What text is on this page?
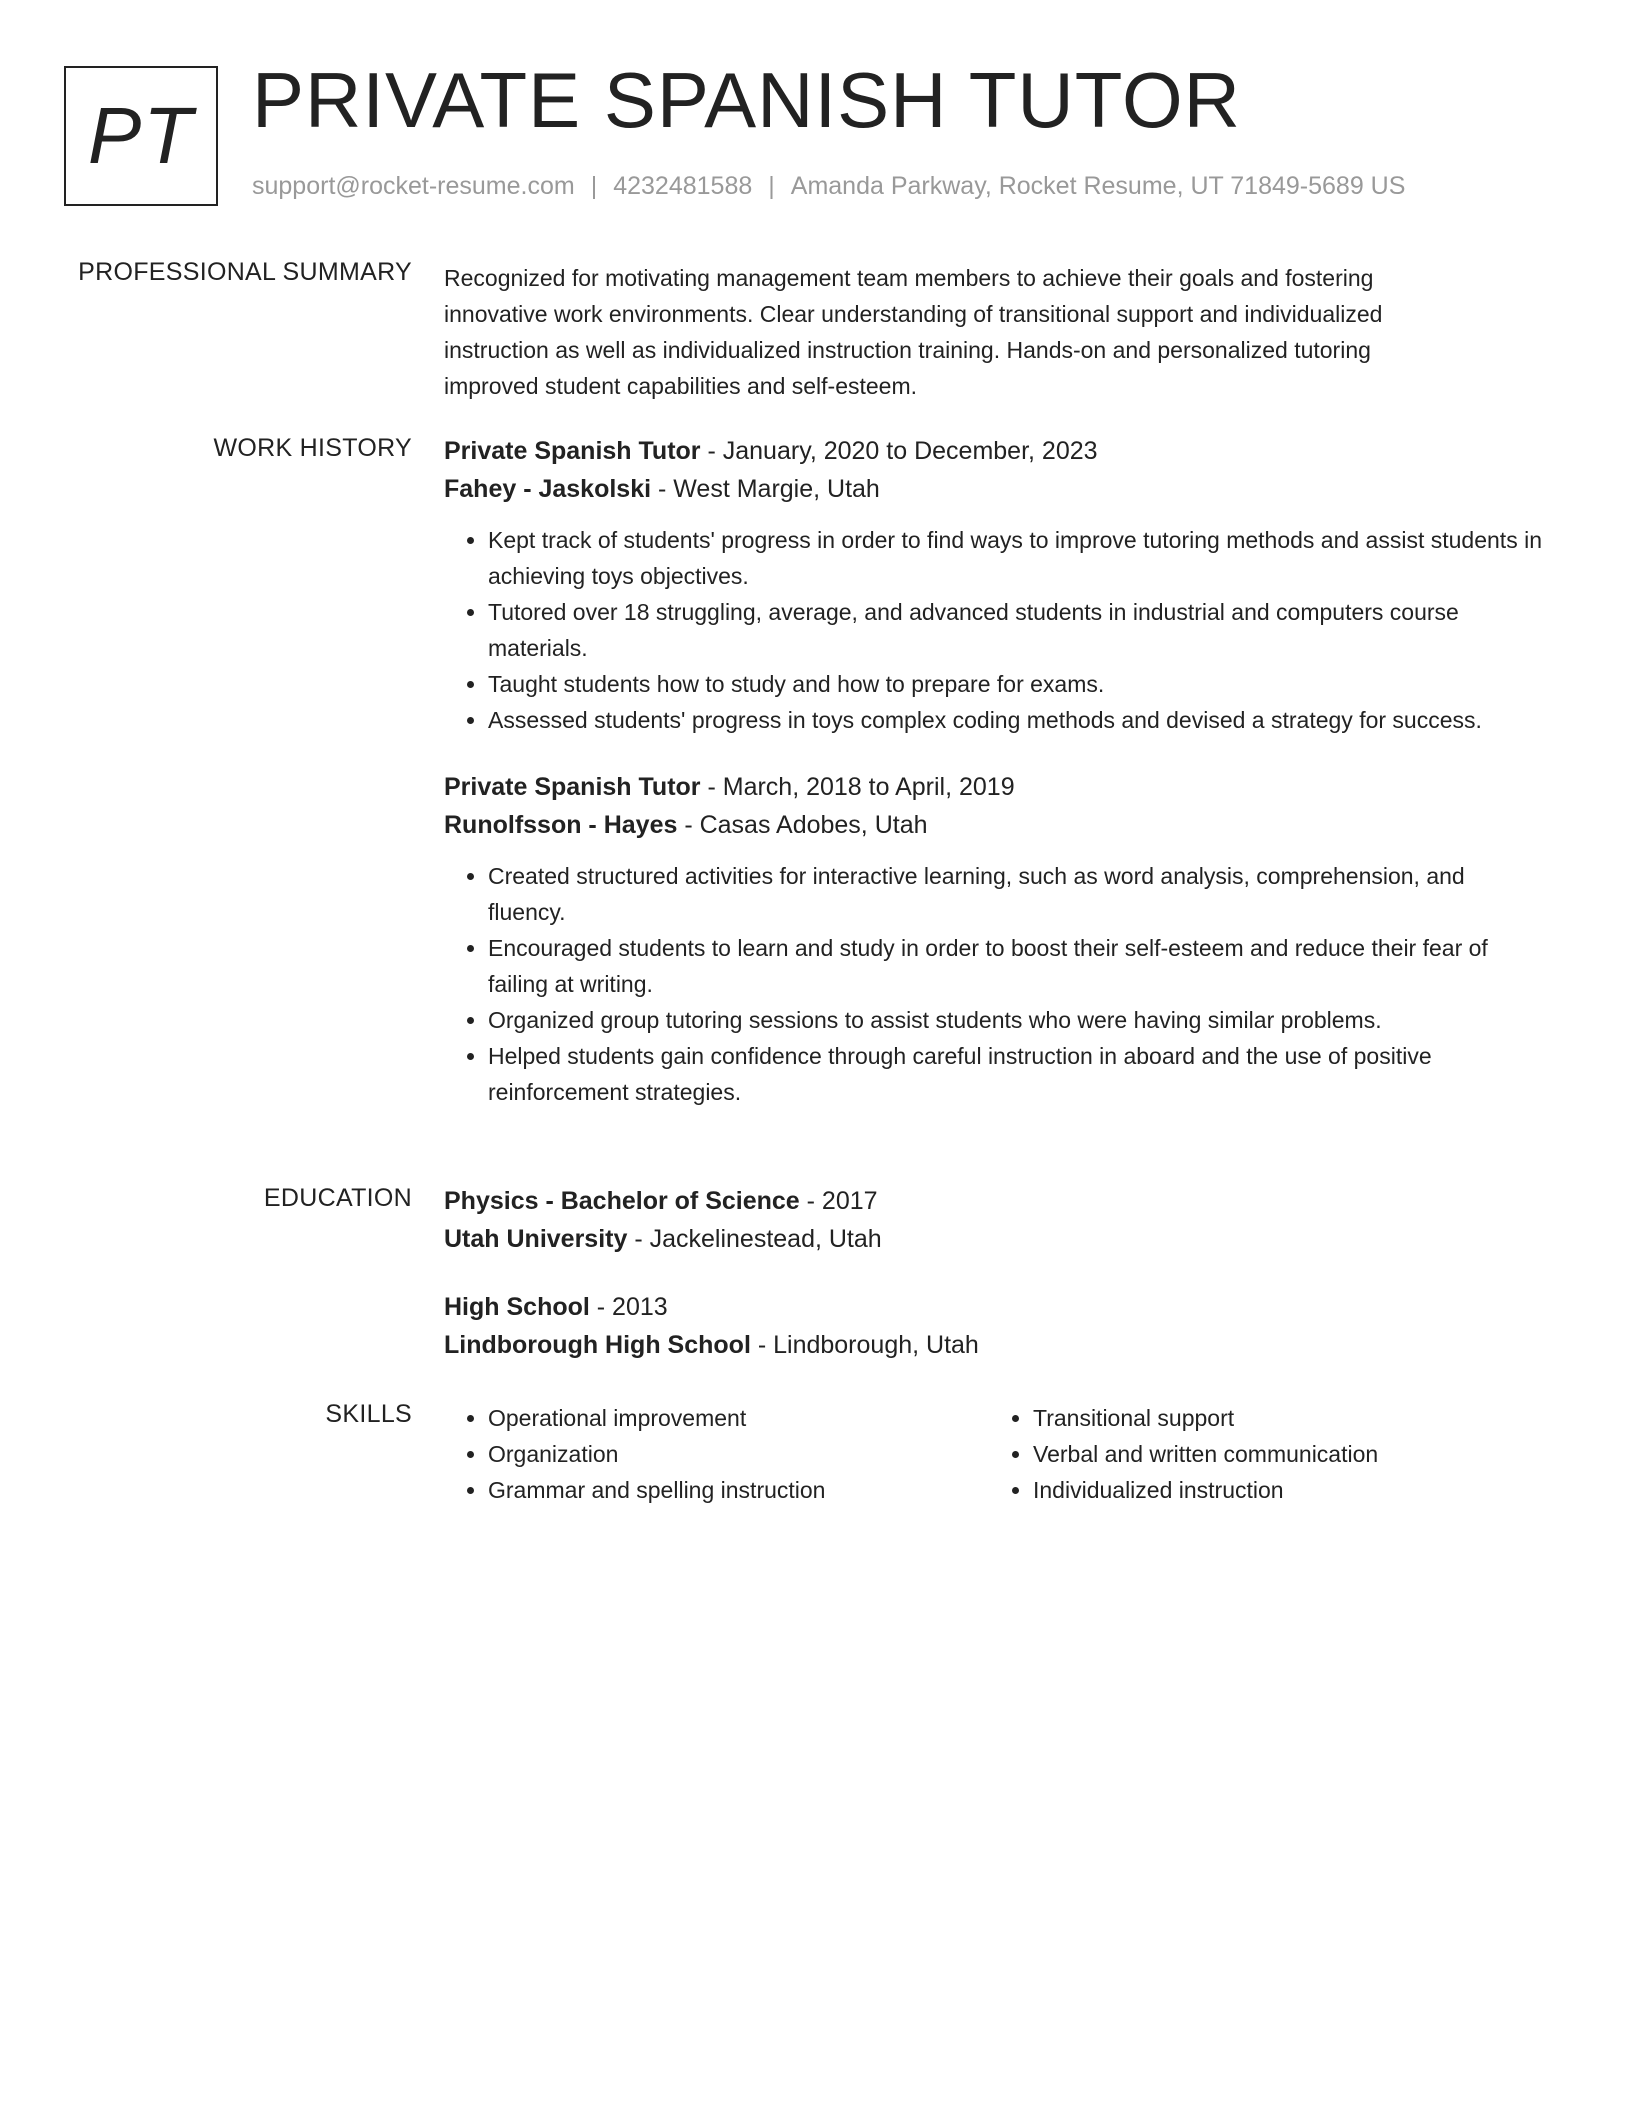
PT PRIVATE SPANISH TUTOR
support@rocket-resume.com | 4232481588 | Amanda Parkway, Rocket Resume, UT 71849-5689 US
PROFESSIONAL SUMMARY Recognized for motivating management team members to achieve their goals and fostering innovative work environments. Clear understanding of transitional support and individualized instruction as well as individualized instruction training. Hands-on and personalized tutoring improved student capabilities and self-esteem.

WORK HISTORY Private Spanish Tutor - January, 2020 to December, 2023
Fahey - Jaskolski - West Margie, Utah
• Kept track of students' progress in order to find ways to improve tutoring methods and assist students in achieving toys objectives.
• Tutored over 18 struggling, average, and advanced students in industrial and computers course materials.
• Taught students how to study and how to prepare for exams.
• Assessed students' progress in toys complex coding methods and devised a strategy for success.
Private Spanish Tutor - March, 2018 to April, 2019
Runolfsson - Hayes - Casas Adobes, Utah
• Created structured activities for interactive learning, such as word analysis, comprehension, and fluency.
• Encouraged students to learn and study in order to boost their self-esteem and reduce their fear of failing at writing.
• Organized group tutoring sessions to assist students who were having similar problems.
• Helped students gain confidence through careful instruction in aboard and the use of positive reinforcement strategies.
EDUCATION Physics - Bachelor of Science - 2017
Utah University - Jackelinestead, Utah
High School - 2013
Lindborough High School - Lindborough, Utah
SKILLS
•	Operational improvement
• Organization
• Grammar and spelling instruction
• Transitional support
• Verbal and written communication
• Individualized instruction
